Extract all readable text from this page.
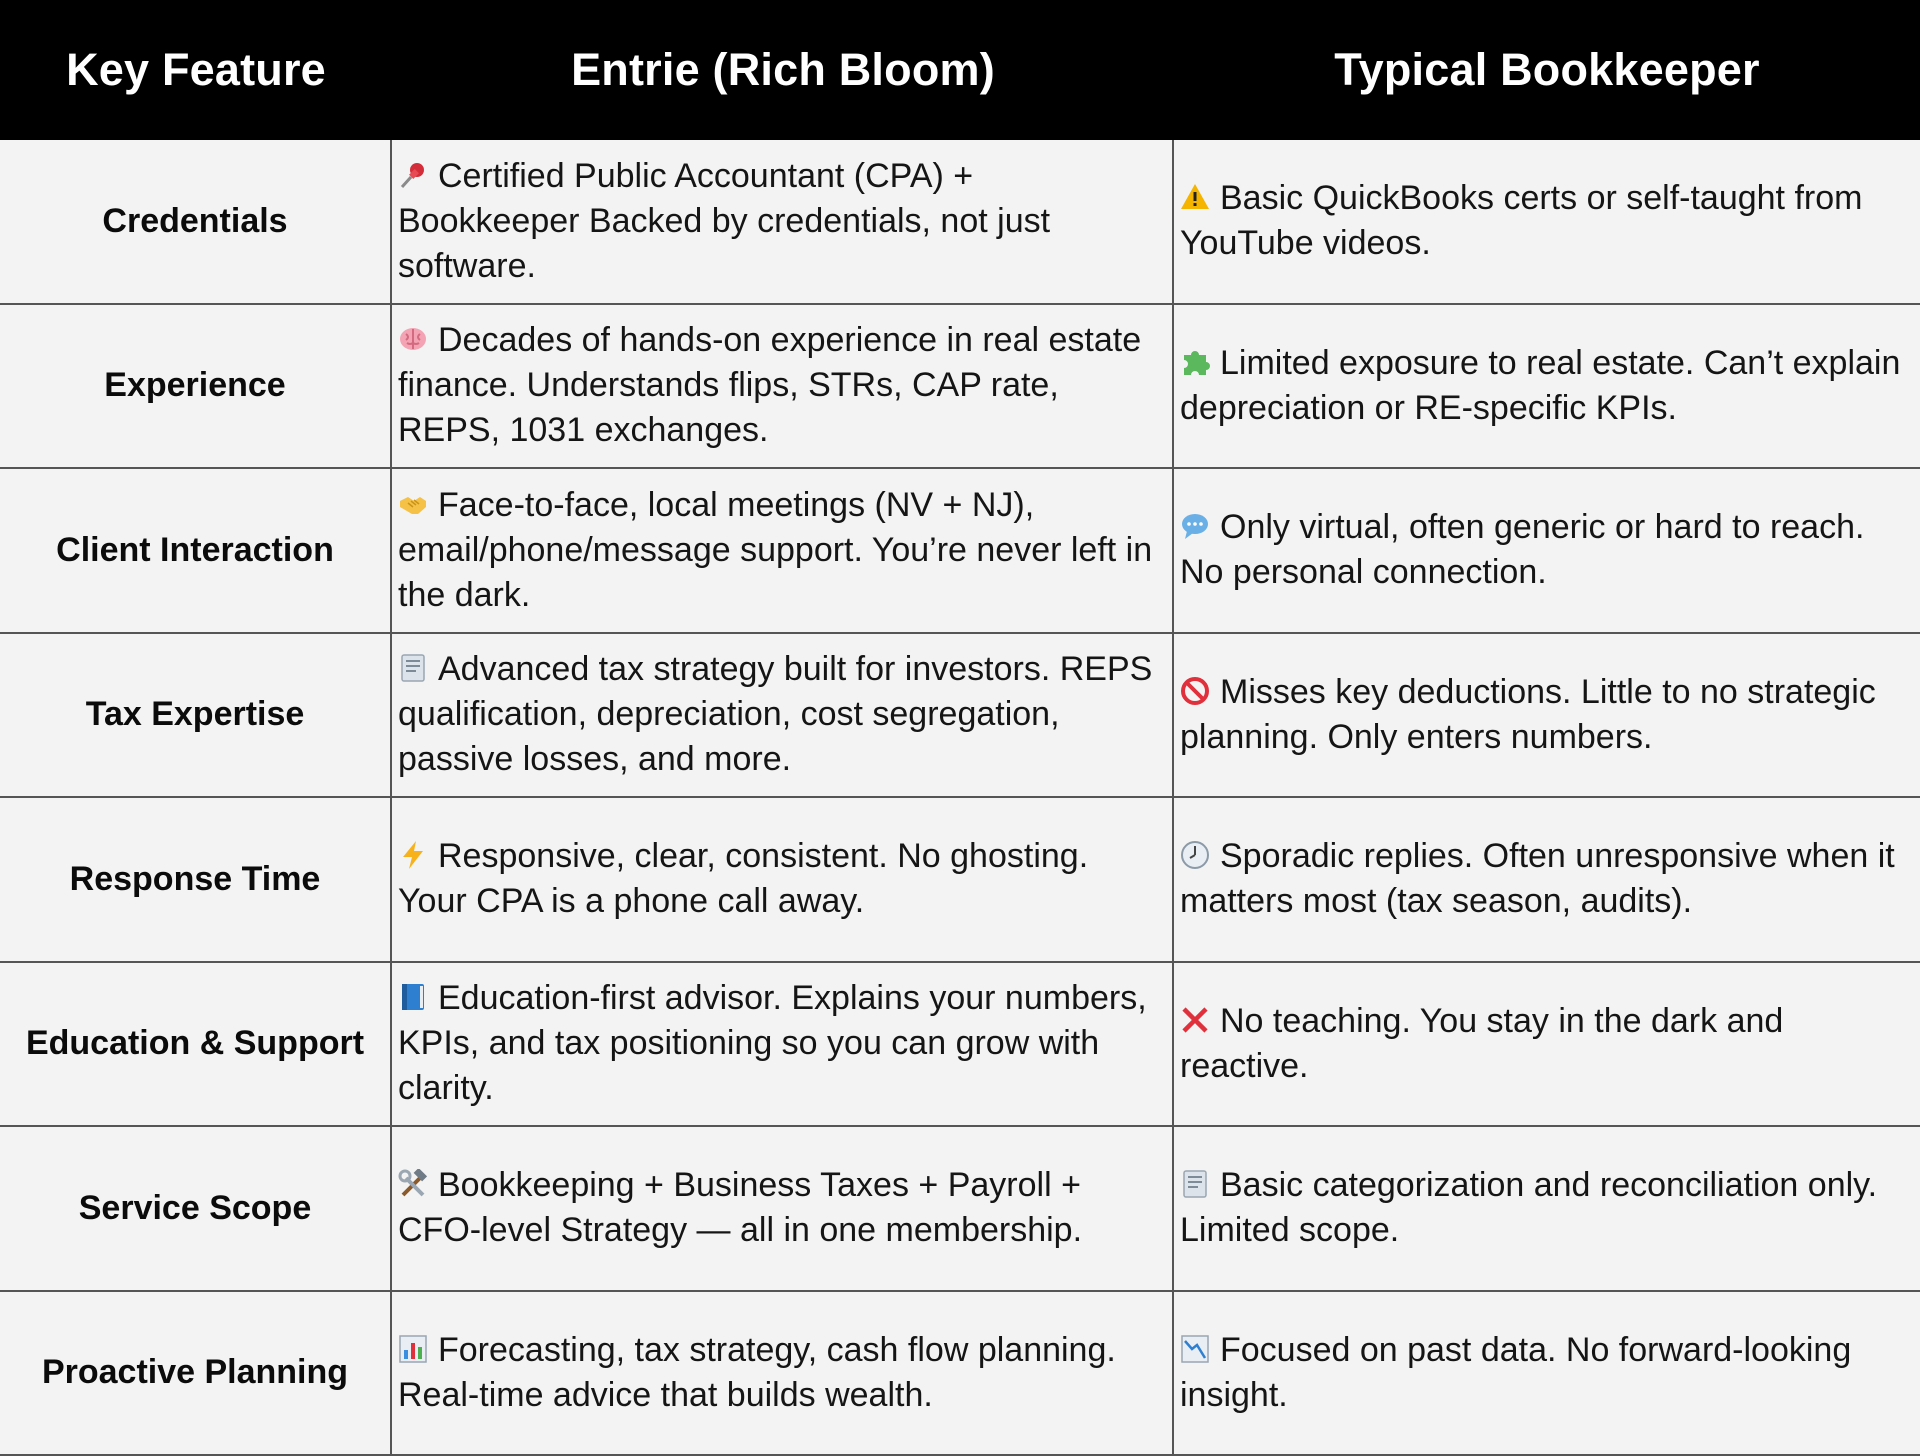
Key Feature	Entrie (Rich Bloom)	Typical Bookkeeper
Credentials

Certified Public Accountant (CPA) + Bookkeeper Backed by credentials, not just software.

Basic QuickBooks certs or self-taught from YouTube videos.

Experience

Decades of hands-on experience in real estate finance. Understands flips, STRs, CAP rate, REPS, 1031 exchanges.

Limited exposure to real estate. Can’t explain depreciation or RE-specific KPIs.

Client Interaction

Face-to-face, local meetings (NV + NJ), email/phone/message support. You’re never left in the dark.

Only virtual, often generic or hard to reach. No personal connection.

Tax Expertise

Advanced tax strategy built for investors. REPS qualification, depreciation, cost segregation, passive losses, and more.

Misses key deductions. Little to no strategic planning. Only enters numbers.

Response Time

Responsive, clear, consistent. No ghosting. Your CPA is a phone call away.

Sporadic replies. Often unresponsive when it matters most (tax season, audits).

Education & Support

Education-first advisor. Explains your numbers, KPIs, and tax positioning so you can grow with clarity.

No teaching. You stay in the dark and reactive.

Service Scope

Bookkeeping + Business Taxes + Payroll + CFO-level Strategy — all in one membership.

Basic categorization and reconciliation only. Limited scope.

Proactive Planning

Forecasting, tax strategy, cash flow planning. Real-time advice that builds wealth.

Focused on past data. No forward-looking insight.
